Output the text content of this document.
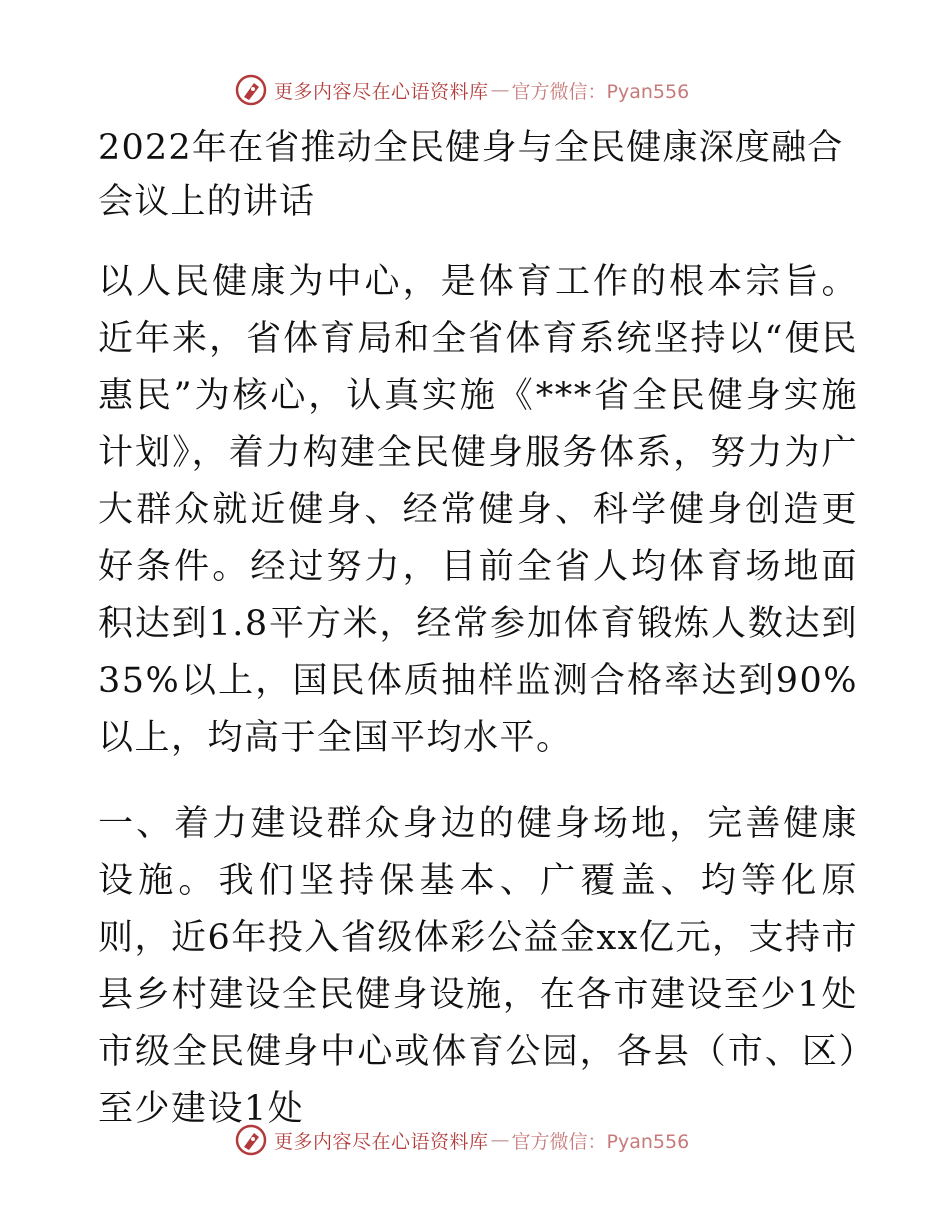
更多内容尽在心语资料库 — 官方微信：Pyan556
2022年在省推动全民健身与全民健康深度融合会议上的讲话

以人民健康为中心，是体育工作的根本宗旨。近年来，省体育局和全省体育系统坚持以“便民惠民”为核心，认真实施《***省全民健身实施计划》，着力构建全民健身服务体系，努力为广大群众就近健身、经常健身、科学健身创造更好条件。经过努力，目前全省人均体育场地面积达到1.8平方米，经常参加体育锻炼人数达到35%以上，国民体质抽样监测合格率达到90%以上，均高于全国平均水平。

一、着力建设群众身边的健身场地，完善健康设施。我们坚持保基本、广覆盖、均等化原则，近6年投入省级体彩公益金xx亿元，支持市县乡村建设全民健身设施，在各市建设至少1处市级全民健身中心或体育公园，各县（市、区）至少建设1处

更多内容尽在心语资料库 — 官方微信：Pyan556
